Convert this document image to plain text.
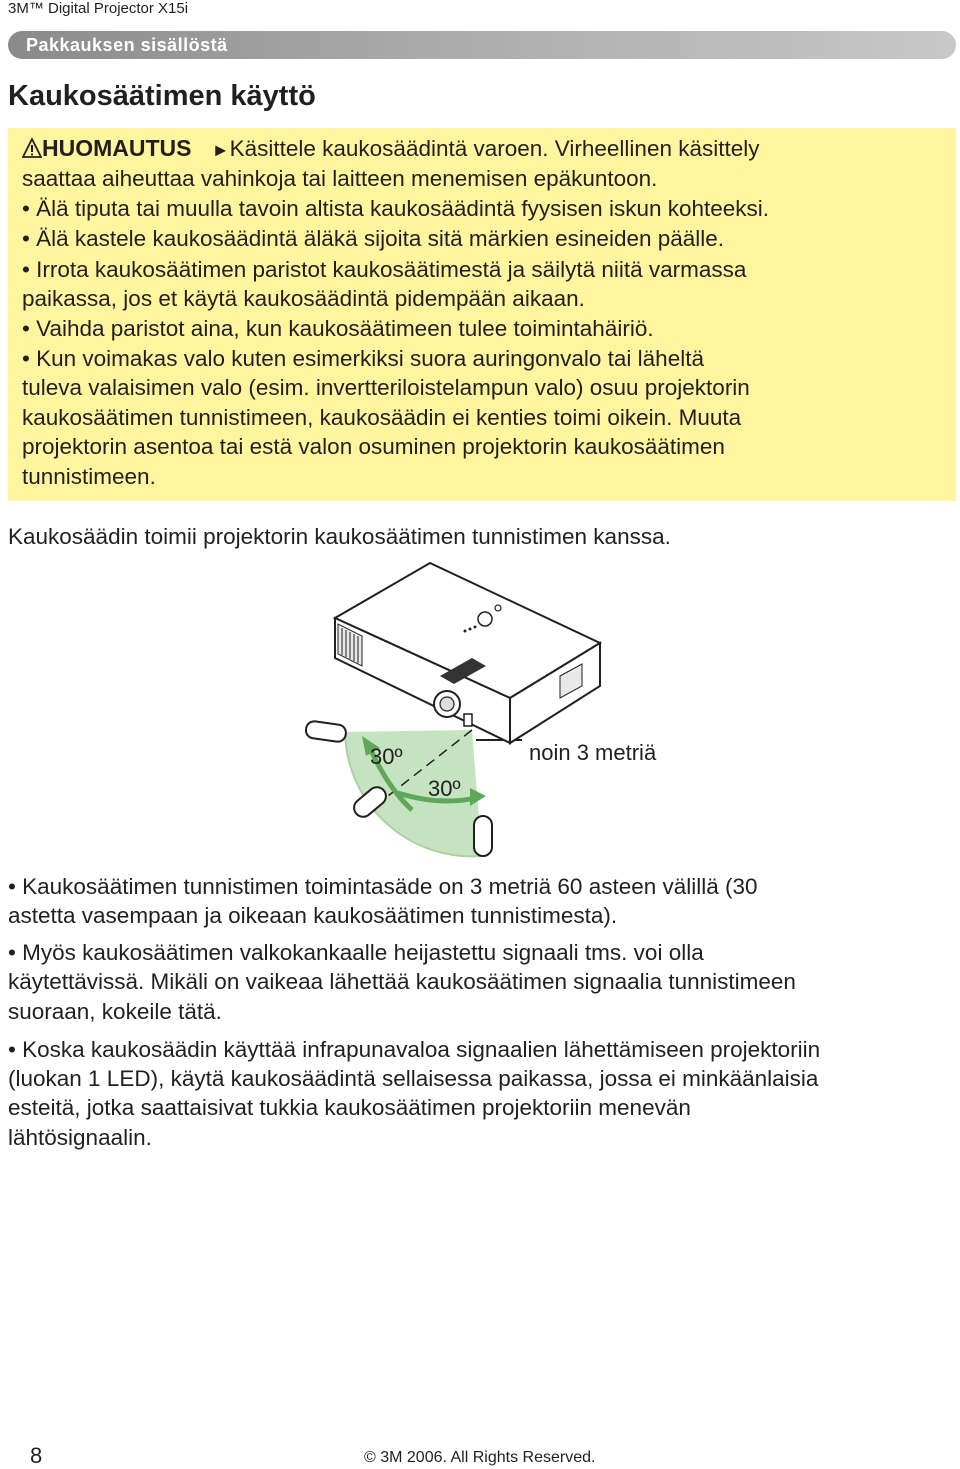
3M™ Digital Projector X15i
Pakkauksen sisällöstä
Kaukosäätimen käyttö
HUOMAUTUS ►Käsittele kaukosäädintä varoen. Virheellinen käsittely
saattaa aiheuttaa vahinkoja tai laitteen menemisen epäkuntoon.
• Älä tiputa tai muulla tavoin altista kaukosäädintä fyysisen iskun kohteeksi.
• Älä kastele kaukosäädintä äläkä sijoita sitä märkien esineiden päälle.
• Irrota kaukosäätimen paristot kaukosäätimestä ja säilytä niitä varmassa
paikassa, jos et käytä kaukosäädintä pidempään aikaan.
• Vaihda paristot aina, kun kaukosäätimeen tulee toimintahäiriö.
• Kun voimakas valo kuten esimerkiksi suora auringonvalo tai läheltä
tuleva valaisimen valo (esim. invertteriloistelampun valo) osuu projektorin
kaukosäätimen tunnistimeen, kaukosäädin ei kenties toimi oikein. Muuta
projektorin asentoa tai estä valon osuminen projektorin kaukosäätimen
tunnistimeen.
Kaukosäädin toimii projektorin kaukosäätimen tunnistimen kanssa.
30º
30º
noin 3 metriä
• Kaukosäätimen tunnistimen toimintasäde on 3 metriä 60 asteen välillä (30
astetta vasempaan ja oikeaan kaukosäätimen tunnistimesta).
• Myös kaukosäätimen valkokankaalle heijastettu signaali tms. voi olla
käytettävissä. Mikäli on vaikeaa lähettää kaukosäätimen signaalia tunnistimeen
suoraan, kokeile tätä.
• Koska kaukosäädin käyttää infrapunavaloa signaalien lähettämiseen projektoriin
(luokan 1 LED), käytä kaukosäädintä sellaisessa paikassa, jossa ei minkäänlaisia
esteitä, jotka saattaisivat tukkia kaukosäätimen projektoriin menevän
lähtösignaalin.
8	© 3M 2006. All Rights Reserved.
